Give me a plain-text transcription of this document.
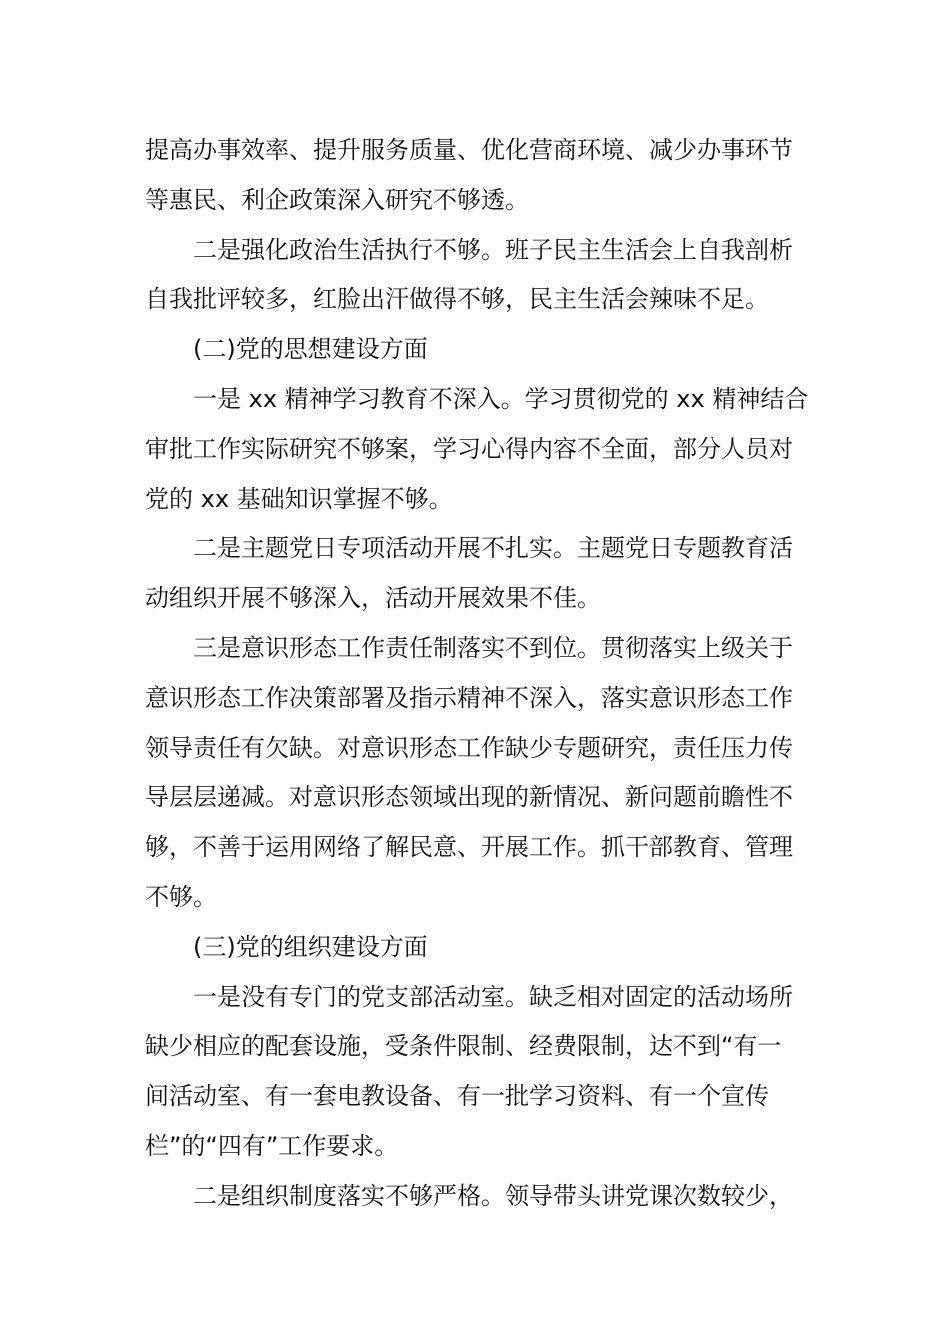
提高办事效率、提升服务质量、优化营商环境、减少办事环节
等惠民、利企政策深入研究不够透。
二是强化政治生活执行不够。班子民主生活会上自我剖析
自我批评较多，红脸出汗做得不够，民主生活会辣味不足。
(二)党的思想建设方面
一是 xx 精神学习教育不深入。学习贯彻党的 xx 精神结合
审批工作实际研究不够案，学习心得内容不全面，部分人员对
党的 xx 基础知识掌握不够。
二是主题党日专项活动开展不扎实。主题党日专题教育活
动组织开展不够深入，活动开展效果不佳。
三是意识形态工作责任制落实不到位。贯彻落实上级关于
意识形态工作决策部署及指示精神不深入，落实意识形态工作
领导责任有欠缺。对意识形态工作缺少专题研究，责任压力传
导层层递减。对意识形态领域出现的新情况、新问题前瞻性不
够，不善于运用网络了解民意、开展工作。抓干部教育、管理
不够。
(三)党的组织建设方面
一是没有专门的党支部活动室。缺乏相对固定的活动场所
缺少相应的配套设施，受条件限制、经费限制，达不到“有一
间活动室、有一套电教设备、有一批学习资料、有一个宣传
栏”的“四有”工作要求。
二是组织制度落实不够严格。领导带头讲党课次数较少，
